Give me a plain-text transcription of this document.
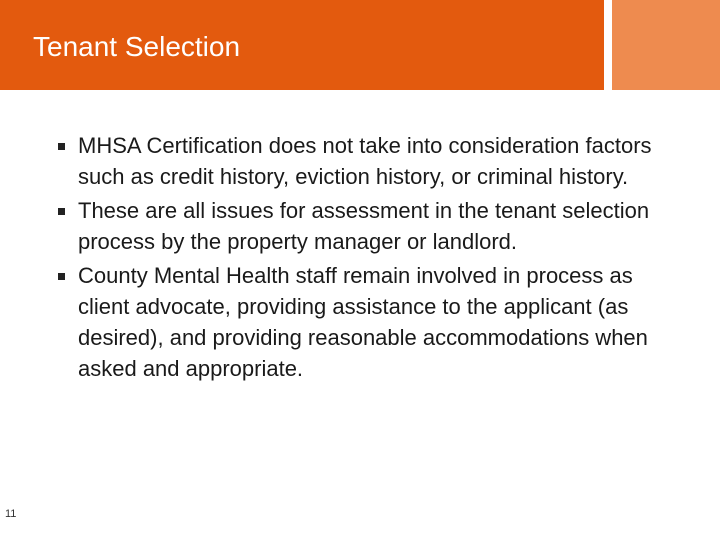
Tenant Selection
MHSA Certification does not take into consideration factors such as credit history, eviction history, or criminal history.
These are all issues for assessment in the tenant selection process by the property manager or landlord.
County Mental Health staff remain involved in process as client advocate, providing assistance to the applicant (as desired), and providing reasonable accommodations when asked and appropriate.
11
